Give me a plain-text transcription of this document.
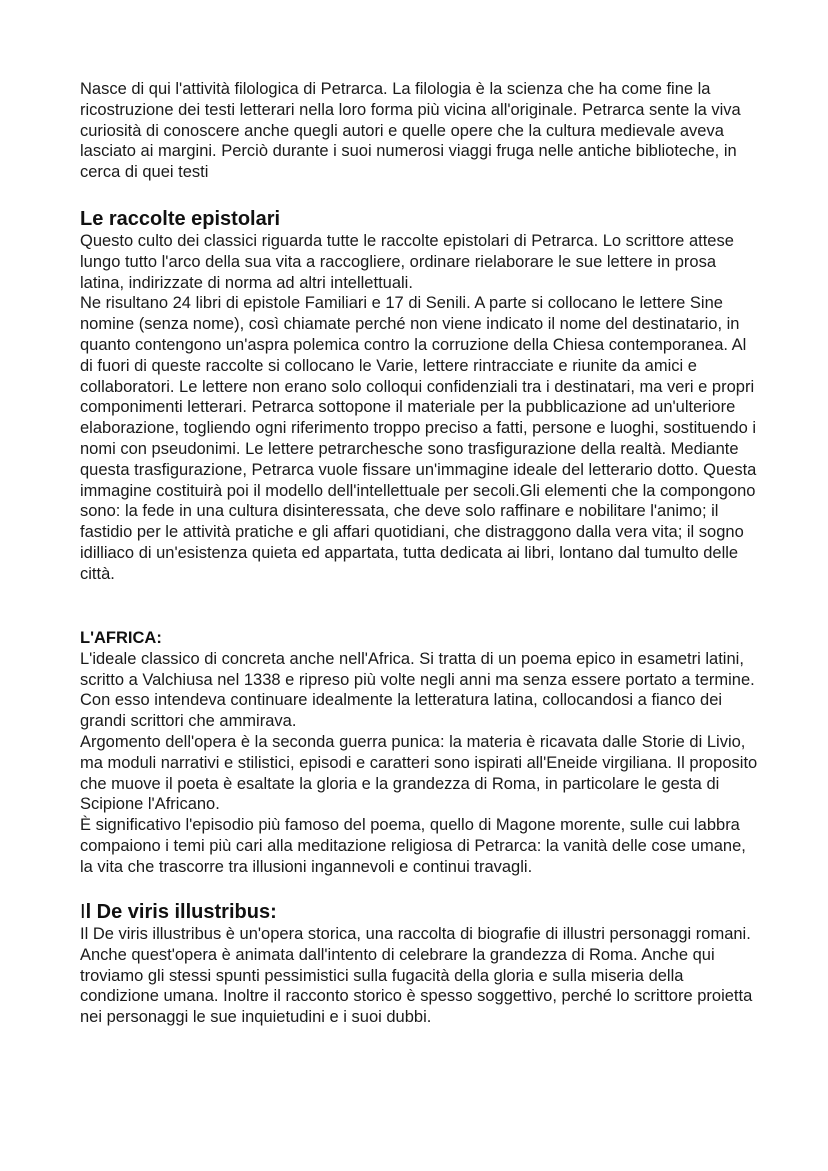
Nasce di qui l'attività filologica di Petrarca. La filologia è la scienza che ha come fine la ricostruzione dei testi letterari nella loro forma più vicina all'originale. Petrarca sente la viva curiosità di conoscere anche quegli autori e quelle opere che la cultura medievale aveva lasciato ai margini. Perciò durante i suoi numerosi viaggi fruga nelle antiche biblioteche, in cerca di quei testi

Le raccolte epistolari

Questo culto dei classici riguarda tutte le raccolte epistolari di Petrarca. Lo scrittore attese lungo tutto l'arco della sua vita a raccogliere, ordinare rielaborare le sue lettere in prosa latina, indirizzate di norma ad altri intellettuali.

Ne risultano 24 libri di epistole Familiari e 17 di Senili. A parte si collocano le lettere Sine nomine (senza nome), così chiamate perché non viene indicato il nome del destinatario, in quanto contengono un'aspra polemica contro la corruzione della Chiesa contemporanea. Al di fuori di queste raccolte si collocano le Varie, lettere rintracciate e riunite da amici e collaboratori. Le lettere non erano solo colloqui confidenziali tra i destinatari, ma veri e propri componimenti letterari. Petrarca sottopone il materiale per la pubblicazione ad un'ulteriore elaborazione, togliendo ogni riferimento troppo preciso a fatti, persone e luoghi, sostituendo i nomi con pseudonimi. Le lettere petrarchesche sono trasfigurazione della realtà. Mediante questa trasfigurazione, Petrarca vuole fissare un'immagine ideale del letterario dotto. Questa immagine costituirà poi il modello dell'intellettuale per secoli.Gli elementi che la compongono sono: la fede in una cultura disinteressata, che deve solo raffinare e nobilitare l'animo; il fastidio per le attività pratiche e gli affari quotidiani, che distraggono dalla vera vita; il sogno idilliaco di un'esistenza quieta ed appartata, tutta dedicata ai libri, lontano dal tumulto delle città.

L'AFRICA:

L'ideale classico di concreta anche nell'Africa. Si tratta di un poema epico in esametri latini, scritto a Valchiusa nel 1338 e ripreso più volte negli anni ma senza essere portato a termine. Con esso intendeva continuare idealmente la letteratura latina, collocandosi a fianco dei grandi scrittori che ammirava.

Argomento dell'opera è la seconda guerra punica: la materia è ricavata dalle Storie di Livio, ma moduli narrativi e stilistici, episodi e caratteri sono ispirati all'Eneide virgiliana. Il proposito che muove il poeta è esaltate la gloria e la grandezza di Roma, in particolare le gesta di Scipione l'Africano.

È significativo l'episodio più famoso del poema, quello di Magone morente, sulle cui labbra compaiono i temi più cari alla meditazione religiosa di Petrarca: la vanità delle cose umane, la vita che trascorre tra illusioni ingannevoli e continui travagli.

Il De viris illustribus:

Il De viris illustribus è un'opera storica, una raccolta di biografie di illustri personaggi romani.

Anche quest'opera è animata dall'intento di celebrare la grandezza di Roma. Anche qui troviamo gli stessi spunti pessimistici sulla fugacità della gloria e sulla miseria della condizione umana. Inoltre il racconto storico è spesso soggettivo, perché lo scrittore proietta nei personaggi le sue inquietudini e i suoi dubbi.
